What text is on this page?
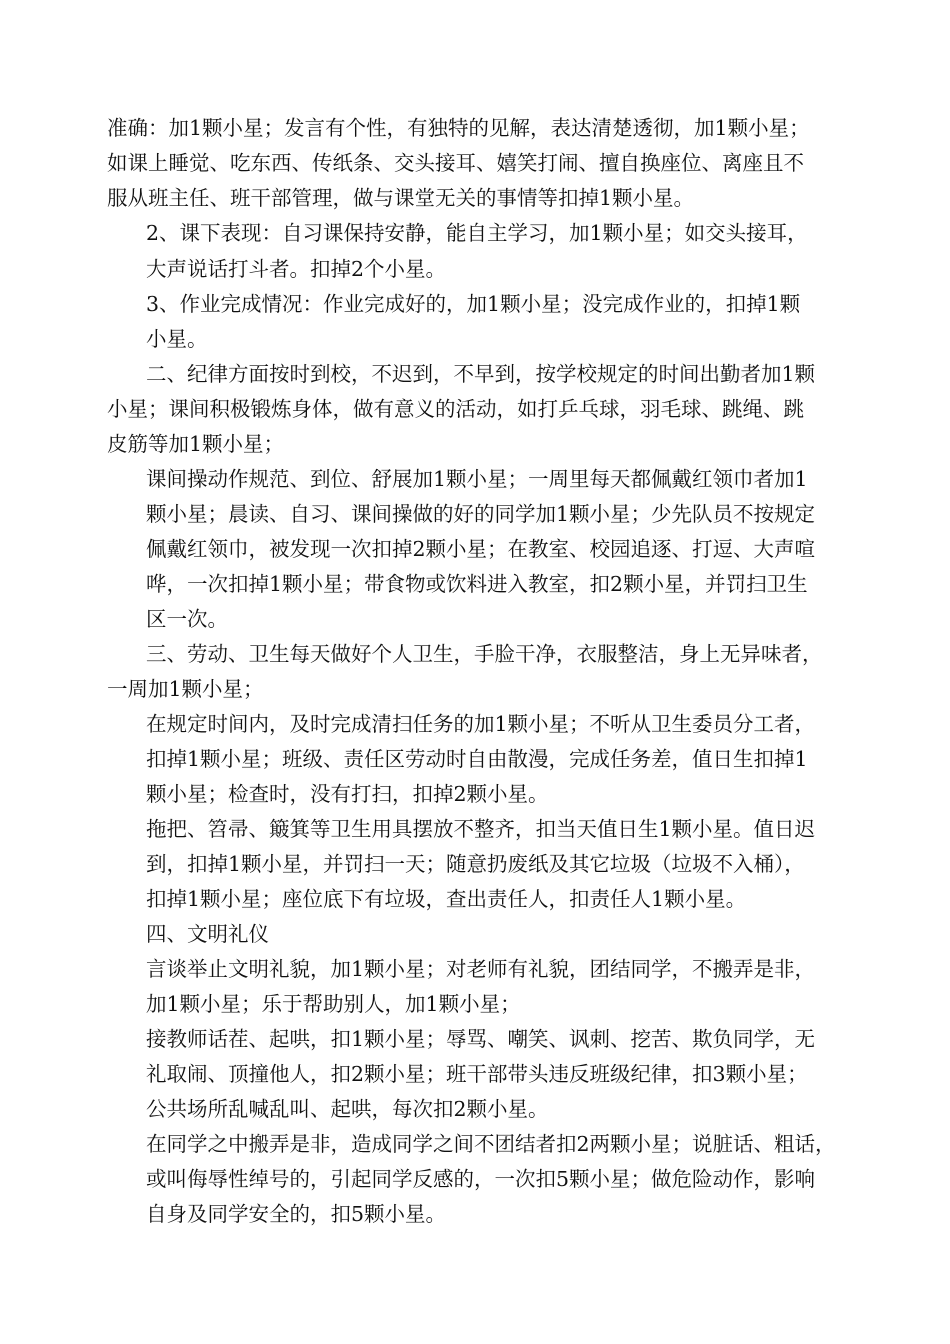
准确：加1颗小星；发言有个性，有独特的见解，表达清楚透彻，加1颗小星；
如课上睡觉、吃东西、传纸条、交头接耳、嬉笑打闹、擅自换座位、离座且不
服从班主任、班干部管理，做与课堂无关的事情等扣掉1颗小星。
2、课下表现：自习课保持安静，能自主学习，加1颗小星；如交头接耳，
大声说话打斗者。扣掉2个小星。
3、作业完成情况：作业完成好的，加1颗小星；没完成作业的，扣掉1颗
小星。
二、纪律方面按时到校，不迟到，不早到，按学校规定的时间出勤者加1颗
小星；课间积极锻炼身体，做有意义的活动，如打乒乓球，羽毛球、跳绳、跳
皮筋等加1颗小星；
课间操动作规范、到位、舒展加1颗小星；一周里每天都佩戴红领巾者加1
颗小星；晨读、自习、课间操做的好的同学加1颗小星；少先队员不按规定
佩戴红领巾，被发现一次扣掉2颗小星；在教室、校园追逐、打逗、大声喧
哗，一次扣掉1颗小星；带食物或饮料进入教室，扣2颗小星，并罚扫卫生
区一次。
三、劳动、卫生每天做好个人卫生，手脸干净，衣服整洁，身上无异味者，
一周加1颗小星；
在规定时间内，及时完成清扫任务的加1颗小星；不听从卫生委员分工者，
扣掉1颗小星；班级、责任区劳动时自由散漫，完成任务差，值日生扣掉1
颗小星；检查时，没有打扫，扣掉2颗小星。
拖把、笤帚、簸箕等卫生用具摆放不整齐，扣当天值日生1颗小星。值日迟
到，扣掉1颗小星，并罚扫一天；随意扔废纸及其它垃圾（垃圾不入桶），
扣掉1颗小星；座位底下有垃圾，查出责任人，扣责任人1颗小星。
四、文明礼仪
言谈举止文明礼貌，加1颗小星；对老师有礼貌，团结同学，不搬弄是非，
加1颗小星；乐于帮助别人，加1颗小星；
接教师话茬、起哄，扣1颗小星；辱骂、嘲笑、讽刺、挖苦、欺负同学，无
礼取闹、顶撞他人，扣2颗小星；班干部带头违反班级纪律，扣3颗小星；
公共场所乱喊乱叫、起哄，每次扣2颗小星。
在同学之中搬弄是非，造成同学之间不团结者扣2两颗小星；说脏话、粗话，
或叫侮辱性绰号的，引起同学反感的，一次扣5颗小星；做危险动作，影响
自身及同学安全的，扣5颗小星。
